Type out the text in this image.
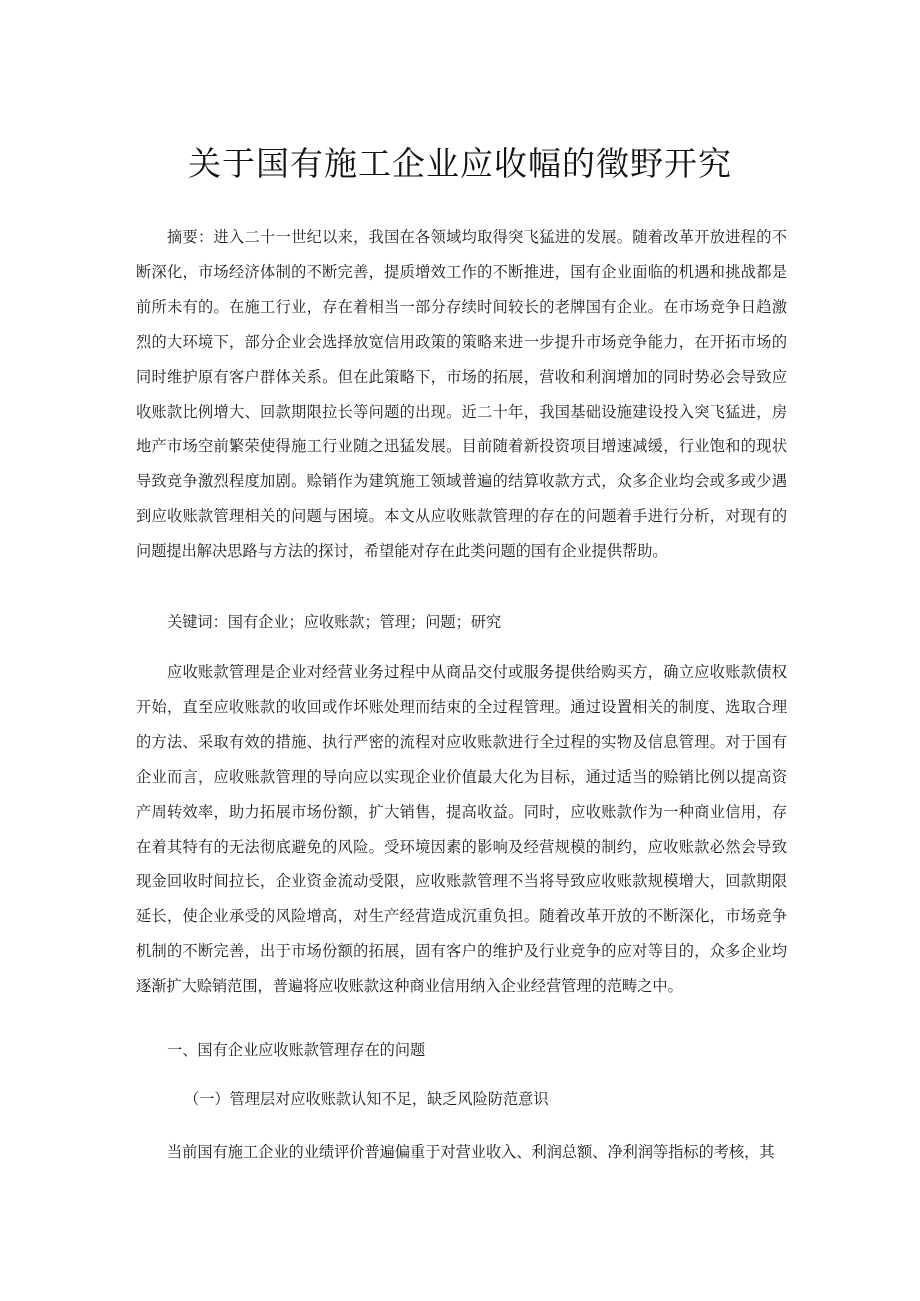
关于国有施工企业应收幅的徵野开究

摘要：进入二十一世纪以来，我国在各领域均取得突飞猛进的发展。随着改革开放进程的不断深化，市场经济体制的不断完善，提质增效工作的不断推进，国有企业面临的机遇和挑战都是前所未有的。在施工行业，存在着相当一部分存续时间较长的老牌国有企业。在市场竞争日趋激烈的大环境下，部分企业会选择放宽信用政策的策略来进一步提升市场竞争能力，在开拓市场的同时维护原有客户群体关系。但在此策略下，市场的拓展，营收和利润增加的同时势必会导致应收账款比例增大、回款期限拉长等问题的出现。近二十年，我国基础设施建设投入突飞猛进，房地产市场空前繁荣使得施工行业随之迅猛发展。目前随着新投资项目增速减缓，行业饱和的现状导致竞争激烈程度加剧。赊销作为建筑施工领域普遍的结算收款方式，众多企业均会或多或少遇到应收账款管理相关的问题与困境。本文从应收账款管理的存在的问题着手进行分析，对现有的问题提出解决思路与方法的探讨，希望能对存在此类问题的国有企业提供帮助。

关键词：国有企业；应收账款；管理；问题；研究

应收账款管理是企业对经营业务过程中从商品交付或服务提供给购买方，确立应收账款债权开始，直至应收账款的收回或作坏账处理而结束的全过程管理。通过设置相关的制度、选取合理的方法、采取有效的措施、执行严密的流程对应收账款进行全过程的实物及信息管理。对于国有企业而言，应收账款管理的导向应以实现企业价值最大化为目标，通过适当的赊销比例以提高资产周转效率，助力拓展市场份额，扩大销售，提高收益。同时，应收账款作为一种商业信用，存在着其特有的无法彻底避免的风险。受环境因素的影响及经营规模的制约，应收账款必然会导致现金回收时间拉长，企业资金流动受限，应收账款管理不当将导致应收账款规模增大，回款期限延长，使企业承受的风险增高，对生产经营造成沉重负担。随着改革开放的不断深化，市场竞争机制的不断完善，出于市场份额的拓展，固有客户的维护及行业竞争的应对等目的，众多企业均逐渐扩大赊销范围，普遍将应收账款这种商业信用纳入企业经营管理的范畴之中。

一、国有企业应收账款管理存在的问题

（一）管理层对应收账款认知不足，缺乏风险防范意识

当前国有施工企业的业绩评价普遍偏重于对营业收入、利润总额、净利润等指标的考核，其
